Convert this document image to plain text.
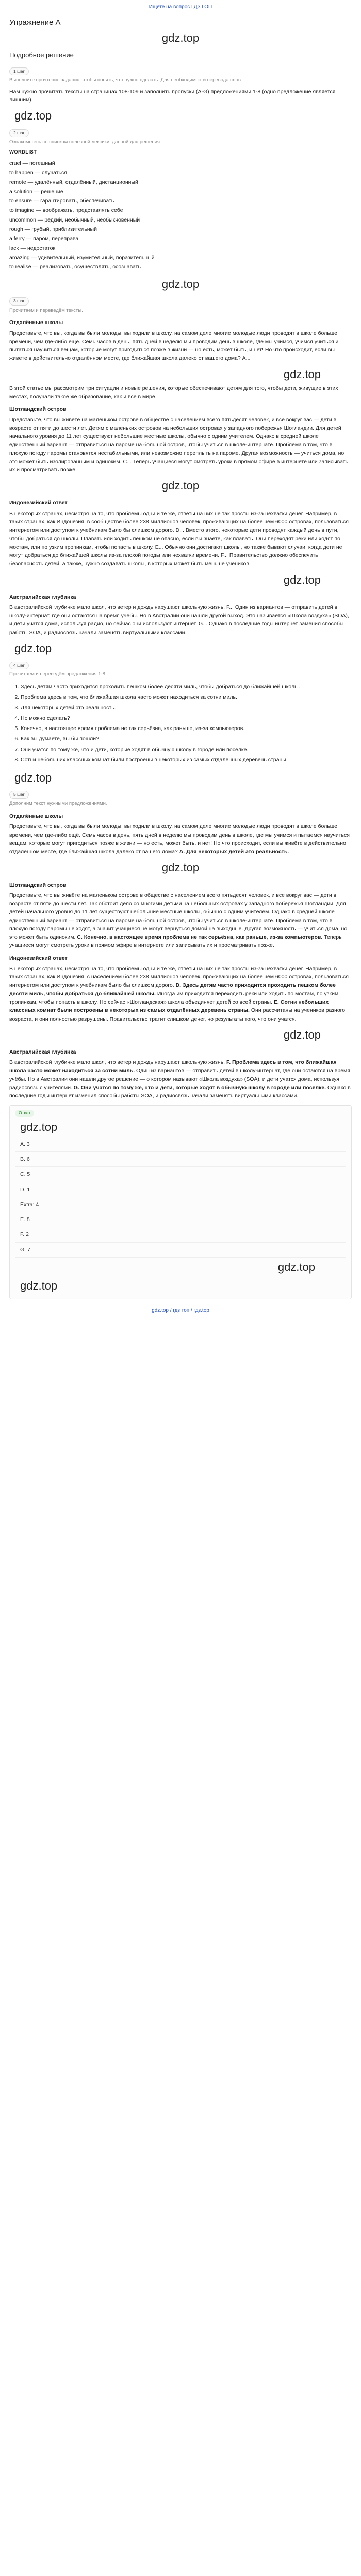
Ищете на вопрос ГДЗ ГОП
Упражнение A
gdz.top
Подробное решение
1 шаг

Выполните прочтение задания, чтобы понять, что нужно сделать. Для необходимости перевода слов.

Нам нужно прочитать тексты на страницах 108-109 и заполнить пропуски (A-G) предложениями 1-8 (одно предложение является лишним).

gdz.top
2 шаг

Ознакомьтесь со списком полезной лексики, данной для решения.

WORDLIST
cruel — потешный
to happen — случаться
remote — удалённый, отдалённый, дистанционный
a solution — решение
to ensure — гарантировать, обеспечивать
to imagine — воображать, представлять себе
uncommon — редкий, необычный, необыкновенный
rough — грубый, приблизительный
a ferry — паром, переправа
lack — недостаток
amazing — удивительный, изумительный, поразительный
to realise — реализовать, осуществлять, осознавать
gdz.top
3 шаг

Прочитаем и переведём тексты.

Отдалённые школы

Представьте, что вы, когда вы были молоды, вы ходили в школу, на самом деле многие молодые люди проводят в школе больше времени, чем где-либо ещё. Семь часов в день, пять дней в неделю мы проводим день в школе, где мы учимся, учимся учиться и пытаться научиться вещам, которые могут пригодиться позже в жизни — но есть, может быть, и нет! Но что происходит, если вы живёте в действительно отдалённом месте, где ближайшая школа далеко от вашего дома? A...

gdz.top

В этой статье мы рассмотрим три ситуации и новые решения, которые обеспечивают детям для того, чтобы дети, живущие в этих местах, получали такое же образование, как и все в мире.

Шотландский остров

Представьте, что вы живёте на маленьком острове в обществе с населением всего пятьдесят человек, и все вокруг вас — дети в возрасте от пяти до шести лет. Детям с маленьких островов на небольших островах у западного побережья Шотландии. Для детей начального уровня до 11 лет существуют небольшие местные школы, обычно с одним учителем. Однако в средней школе единственный вариант — отправиться на пароме на большой остров, чтобы учиться в школе-интернате. Проблема в том, что в плохую погоду паромы становятся нестабильными, или невозможно переплыть на пароме. Другая возможность — учиться дома, но это может быть изолированным и одиноким. C... Теперь учащиеся могут смотреть уроки в прямом эфире в интернете или записывать их и просматривать позже.

gdz.top
Индонезийский ответ

В некоторых странах, несмотря на то, что проблемы одни и те же, ответы на них не так просты из-за нехватки денег. Например, в таких странах, как Индонезия, в сообществе более 238 миллионов человек, проживающих на более чем 6000 островах, пользоваться интернетом или доступом к учебникам было бы слишком дорого. D... Вместо этого, некоторые дети проводят каждый день в пути, чтобы добраться до школы. Плавать или ходить пешком не опасно, если вы знаете, как плавать. Они переходят реки или ходят по мостам, или по узким тропинкам, чтобы попасть в школу. E... Обычно они достигают школы, но также бывают случаи, когда дети не могут добраться до ближайшей школы из-за плохой погоды или нехватки времени. F... Правительство должно обеспечить безопасность детей, а также, нужно создавать школы, в которых может быть меньше учеников.

gdz.top
Австралийская глубинка

В австралийской глубинке мало школ, что ветер и дождь нарушают школьную жизнь. F... Один из вариантов — отправить детей в школу-интернат, где они остаются на время учёбы. Но в Австралии они нашли другой выход. Это называется «Школа воздуха» (SOA), и дети учатся дома, используя радио, но сейчас они используют интернет. G... Однако в последние годы интернет заменил способы работы SOA, и радиосвязь начали заменять виртуальными классами.

gdz.top
4 шаг

Прочитаем и переведём предложения 1-8.

1. Здесь детям часто приходится проходить пешком более десяти миль, чтобы добраться до ближайшей школы.
2. Проблема здесь в том, что ближайшая школа часто может находиться за сотни миль.
3. Для некоторых детей это реальность.
4. Но можно сделать?
5. Конечно, в настоящее время проблема не так серьёзна, как раньше, из-за компьютеров.
6. Как вы думаете, вы бы пошли?
7. Они учатся по тому же, что и дети, которые ходят в обычную школу в городе или посёлке.
8. Сотни небольших классных комнат были построены в некоторых из самых отдалённых деревень страны.
gdz.top
5 шаг

Дополним текст нужными предложениями.

Отдалённые школы

Представьте, что вы, когда вы были молоды, вы ходили в школу, на самом деле многие молодые люди проводят в школе больше времени, чем где-либо ещё. Семь часов в день, пять дней в неделю мы проводим день в школе, где мы учимся и пытаемся научиться вещам, которые могут пригодиться позже в жизни — но есть, может быть, и нет! Но что происходит, если вы живёте в действительно отдалённом месте, где ближайшая школа далеко от вашего дома? A. Для некоторых детей это реальность.

gdz.top
Шотландский остров

Представьте, что вы живёте на маленьком острове в обществе с населением всего пятьдесят человек, и все вокруг вас — дети в возрасте от пяти до шести лет. Так обстоит дело со многими детьми на небольших островах у западного побережья Шотландии. Для детей начального уровня до 11 лет существуют небольшие местные школы, обычно с одним учителем. Однако в средней школе единственный вариант — отправиться на пароме на большой остров, чтобы учиться в школе-интернате. Проблема в том, что в плохую погоду паромы не ходят, а значит учащиеся не могут вернуться домой на выходные. Другая возможность — учиться дома, но это может быть одиноким. C. Конечно, в настоящее время проблема не так серьёзна, как раньше, из-за компьютеров. Теперь учащиеся могут смотреть уроки в прямом эфире в интернете или записывать их и просматривать позже.

Индонезийский ответ

В некоторых странах, несмотря на то, что проблемы одни и те же, ответы на них не так просты из-за нехватки денег. Например, в таких странах, как Индонезия, с населением более 238 миллионов человек, проживающих на более чем 6000 островах, пользоваться интернетом или доступом к учебникам было бы слишком дорого. D. Здесь детям часто приходится проходить пешком более десяти миль, чтобы добраться до ближайшей школы. Иногда им приходится переходить реки или ходить по мостам, по узким тропинкам, чтобы попасть в школу. Но сейчас «Шотландская» школа объединяет детей со всей страны. E. Сотни небольших классных комнат были построены в некоторых из самых отдалённых деревень страны. Они рассчитаны на учеников разного возраста, и они полностью разрушены. Правительство тратит слишком денег, но результаты того, что они учатся.

gdz.top
Австралийская глубинка

В австралийской глубинке мало школ, что ветер и дождь нарушают школьную жизнь. F. Проблема здесь в том, что ближайшая школа часто может находиться за сотни миль. Один из вариантов — отправить детей в школу-интернат, где они остаются на время учёбы. Но в Австралии они нашли другое решение — о котором называют «Школа воздуха» (SOA), и дети учатся дома, используя радиосвязь с учителями. G. Они учатся по тому же, что и дети, которые ходят в обычную школу в городе или посёлке. Однако в последние годы интернет изменил способы работы SOA, и радиосвязь начали заменять виртуальными классами.

Ответ
gdz.top
A. 3
B. 6
C. 5
D. 1
Extra: 4
E. 8
F. 2
G. 7
gdz.top
gdz.top
gdz.top / гдз топ / гдз.top
